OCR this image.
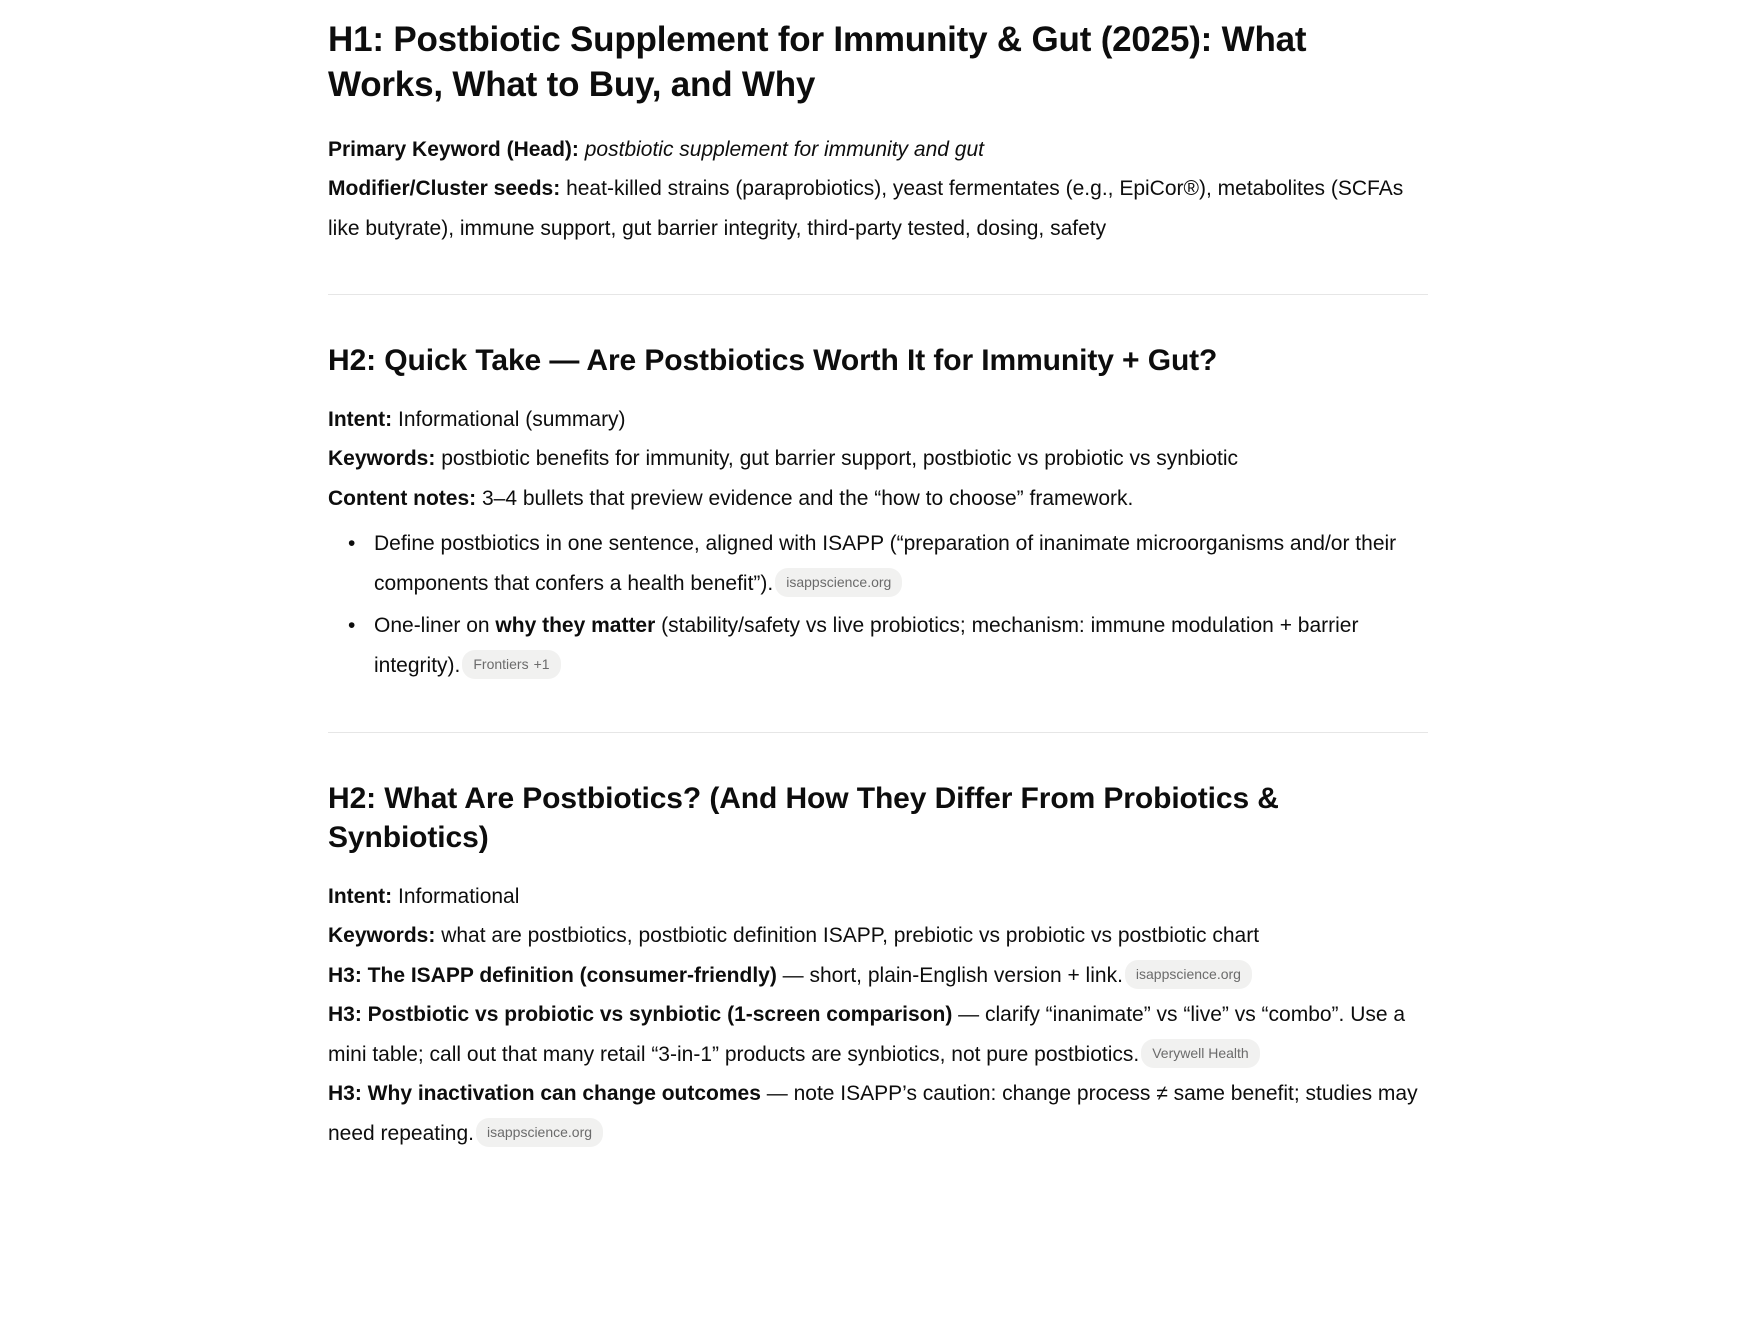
H1: Postbiotic Supplement for Immunity & Gut (2025): What Works, What to Buy, and Why

Primary Keyword (Head): postbiotic supplement for immunity and gut

Modifier/Cluster seeds: heat-killed strains (paraprobiotics), yeast fermentates (e.g., EpiCor®), metabolites (SCFAs like butyrate), immune support, gut barrier integrity, third-party tested, dosing, safety

H2: Quick Take — Are Postbiotics Worth It for Immunity + Gut?

Intent: Informational (summary)

Keywords: postbiotic benefits for immunity, gut barrier support, postbiotic vs probiotic vs synbiotic

Content notes: 3–4 bullets that preview evidence and the “how to choose” framework.

• Define postbiotics in one sentence, aligned with ISAPP (“preparation of inanimate microorganisms and/or their components that confers a health benefit”). isappscience.org
• One-liner on why they matter (stability/safety vs live probiotics; mechanism: immune modulation + barrier integrity). Frontiers +1
H2: What Are Postbiotics? (And How They Differ From Probiotics & Synbiotics)

Intent: Informational

Keywords: what are postbiotics, postbiotic definition ISAPP, prebiotic vs probiotic vs postbiotic chart

H3: The ISAPP definition (consumer-friendly) — short, plain-English version + link. isappscience.org

H3: Postbiotic vs probiotic vs synbiotic (1-screen comparison) — clarify “inanimate” vs “live” vs “combo”. Use a mini table; call out that many retail “3-in-1” products are synbiotics, not pure postbiotics. Verywell Health

H3: Why inactivation can change outcomes — note ISAPP’s caution: change process ≠ same benefit; studies may need repeating. isappscience.org
